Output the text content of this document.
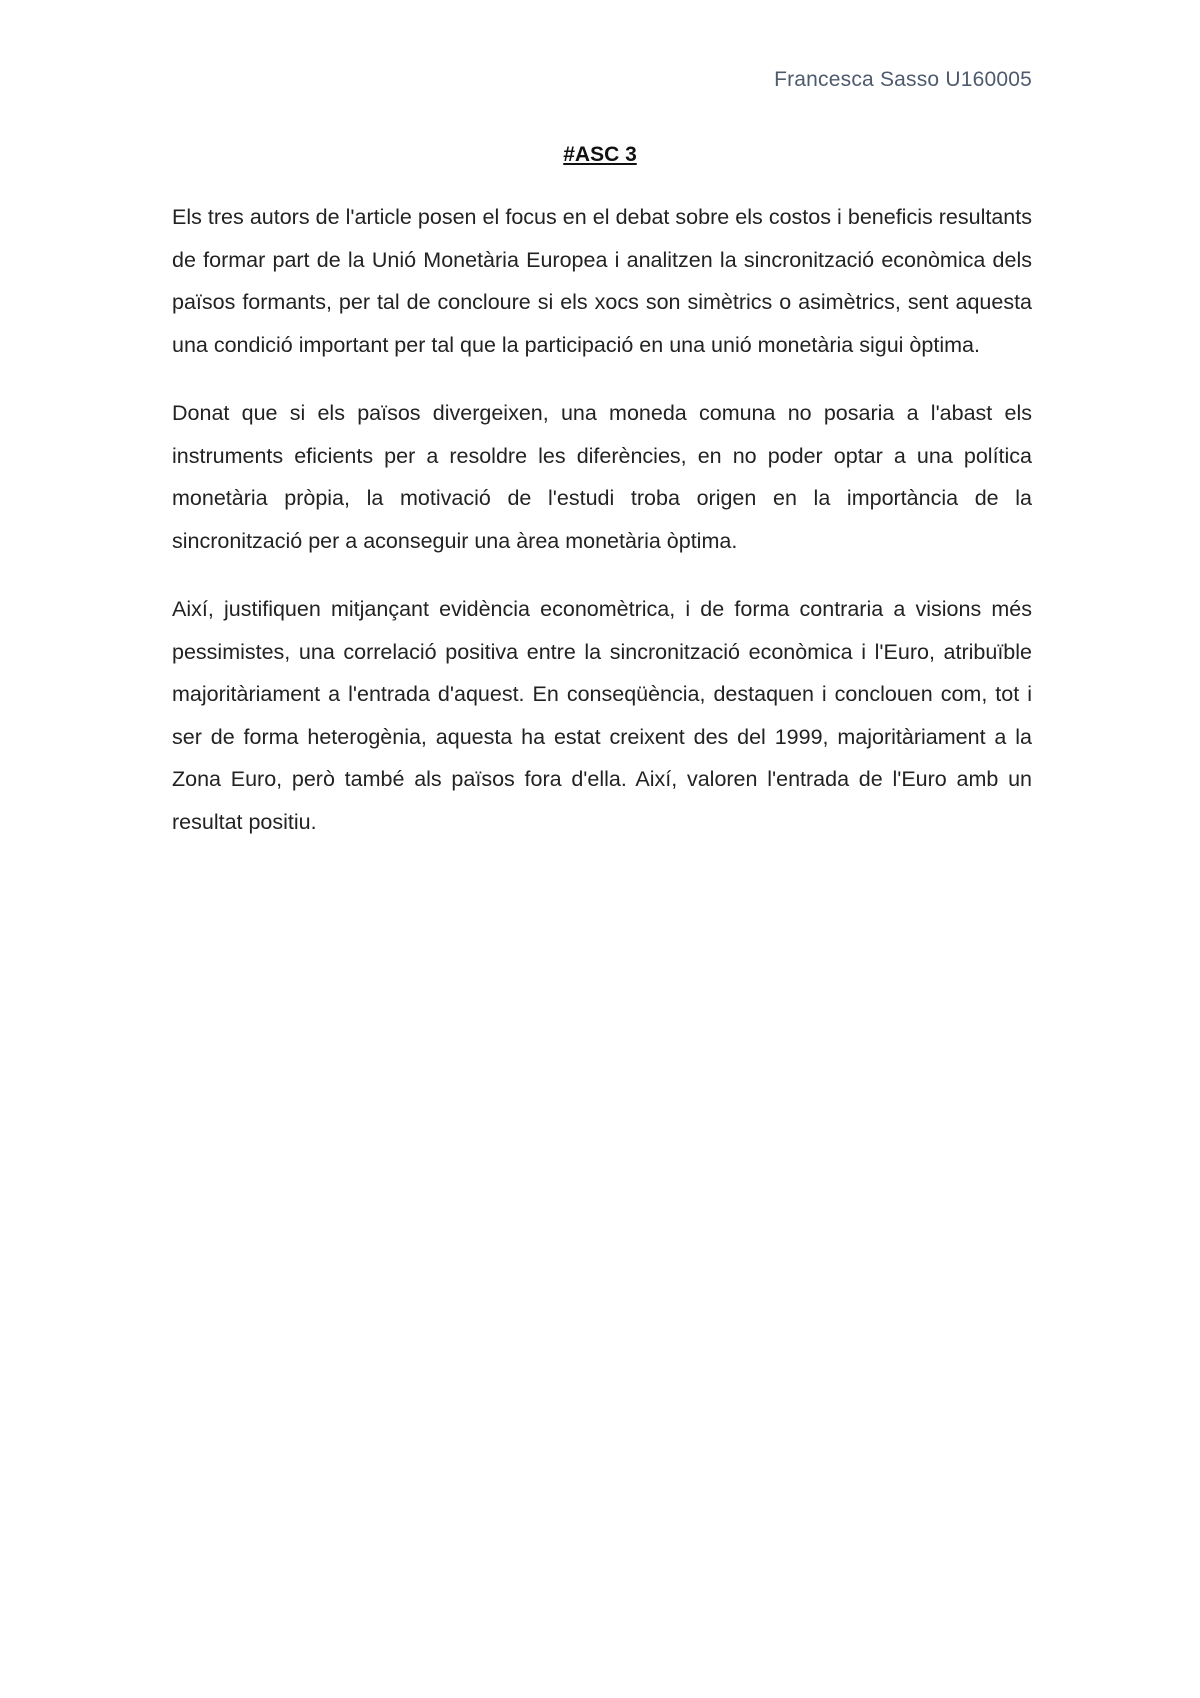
Francesca Sasso U160005
#ASC 3

Els tres autors de l'article posen el focus en el debat sobre els costos i beneficis resultants de formar part de la Unió Monetària Europea i analitzen la sincronització econòmica dels països formants, per tal de concloure si els xocs son simètrics o asimètrics, sent aquesta una condició important per tal que la participació en una unió monetària sigui òptima.

Donat que si els països divergeixen, una moneda comuna no posaria a l'abast els instruments eficients per a resoldre les diferències, en no poder optar a una política monetària pròpia, la motivació de l'estudi troba origen en la importància de la sincronització per a aconseguir una àrea monetària òptima.

Així, justifiquen mitjançant evidència economètrica, i de forma contraria a visions més pessimistes, una correlació positiva entre la sincronització econòmica i l'Euro, atribuïble majoritàriament a l'entrada d'aquest. En conseqüència, destaquen i conclouen com, tot i ser de forma heterogènia, aquesta ha estat creixent des del 1999, majoritàriament a la Zona Euro, però també als països fora d'ella. Així, valoren l'entrada de l'Euro amb un resultat positiu.
